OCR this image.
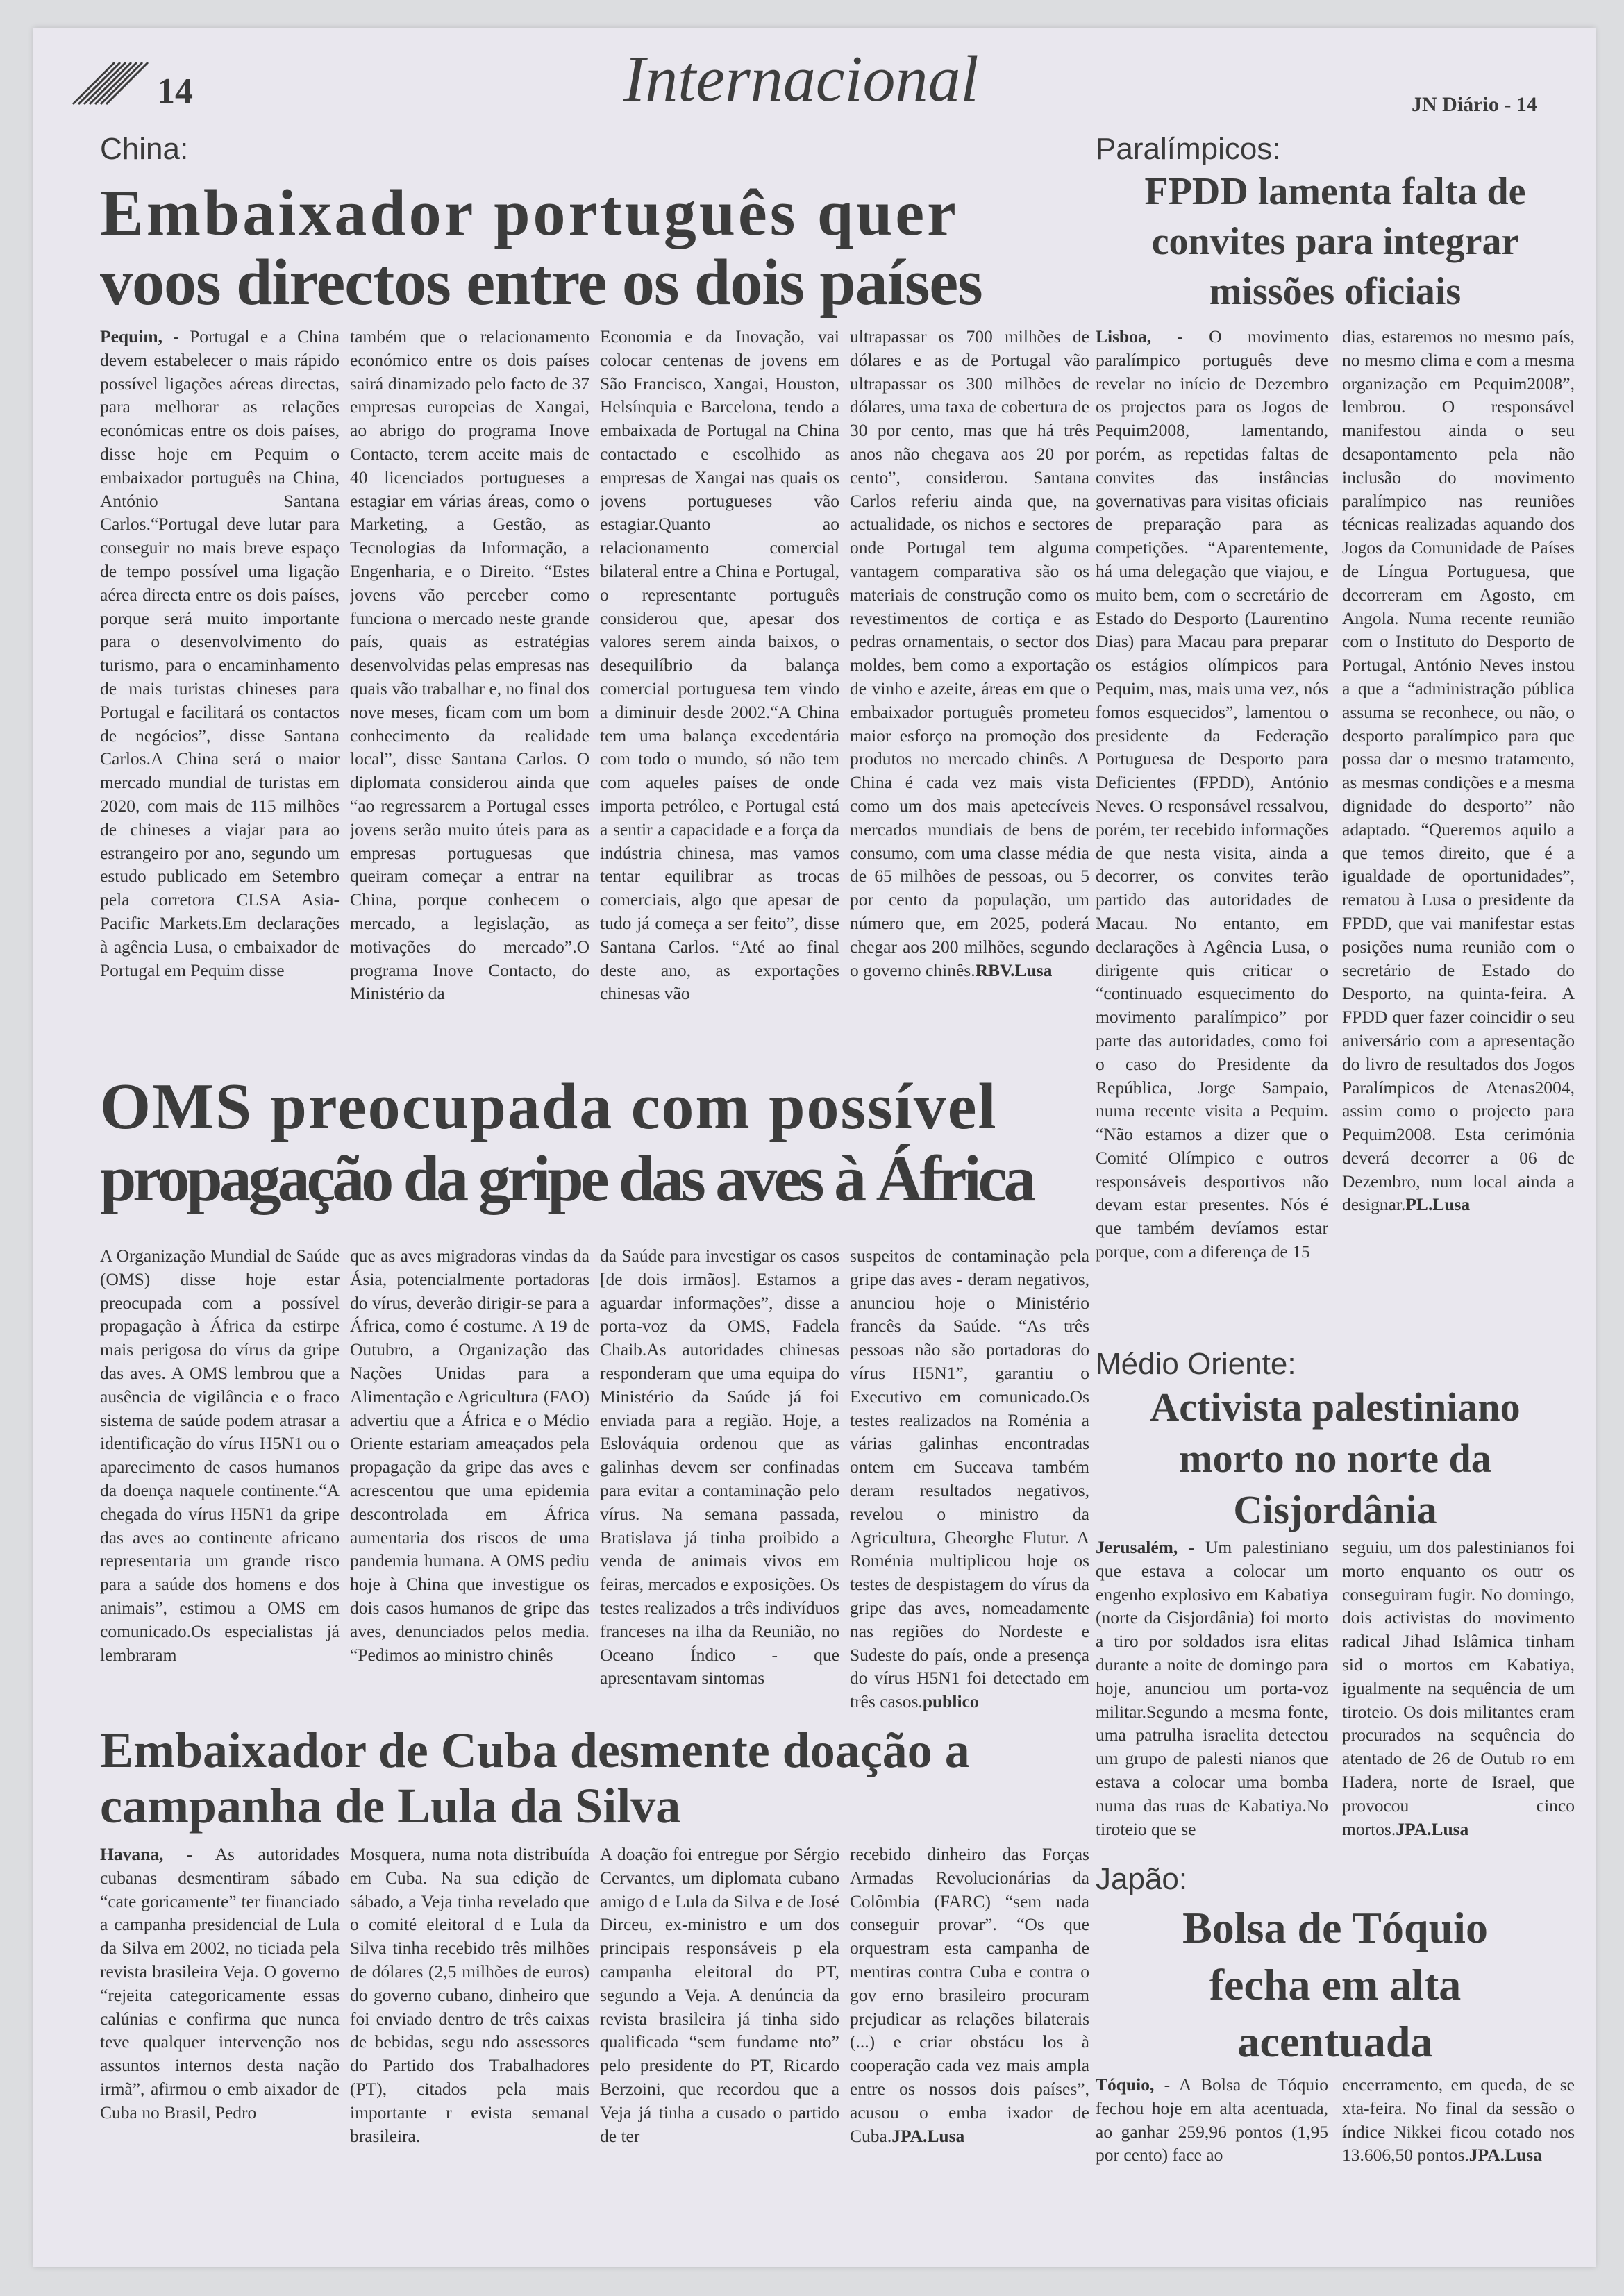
14	Internacional	JN Diário - 14
China:
Embaixador português quer
voos directos entre os dois países

Pequim, - Portugal e a China devem estabelecer o mais rápido possível ligações aéreas directas, para melhorar as relações económicas entre os dois países, disse hoje em Pequim o embaixador português na China, António Santana Carlos.“Portugal deve lutar para conseguir no mais breve espaço de tempo possível uma ligação aérea directa entre os dois países, porque será muito importante para o desenvolvimento do turismo, para o encaminhamento de mais turistas chineses para Portugal e facilitará os contactos de negócios”, disse Santana Carlos.A China será o maior mercado mundial de turistas em 2020, com mais de 115 milhões de chineses a viajar para ao estrangeiro por ano, segundo um estudo publicado em Setembro pela corretora CLSA Asia- Pacific Markets.Em declarações à agência Lusa, o embaixador de Portugal em Pequim disse

também que o relacionamento económico entre os dois países sairá dinamizado pelo facto de 37 empresas europeias de Xangai, ao abrigo do programa Inove Contacto, terem aceite mais de 40 licenciados portugueses a estagiar em várias áreas, como o Marketing, a Gestão, as Tecnologias da Informação, a Engenharia, e o Direito. “Estes jovens vão perceber como funciona o mercado neste grande país, quais as estratégias desenvolvidas pelas empresas nas quais vão trabalhar e, no final dos nove meses, ficam com um bom conhecimento da realidade local”, disse Santana Carlos. O diplomata considerou ainda que “ao regressarem a Portugal esses jovens serão muito úteis para as empresas portuguesas que queiram começar a entrar na China, porque conhecem o mercado, a legislação, as motivações do mercado”.O programa Inove Contacto, do Ministério da

Economia e da Inovação, vai colocar centenas de jovens em São Francisco, Xangai, Houston, Helsínquia e Barcelona, tendo a embaixada de Portugal na China contactado e escolhido as empresas de Xangai nas quais os jovens portugueses vão estagiar.Quanto ao relacionamento comercial bilateral entre a China e Portugal, o representante português considerou que, apesar dos valores serem ainda baixos, o desequilíbrio da balança comercial portuguesa tem vindo a diminuir desde 2002.“A China tem uma balança excedentária com todo o mundo, só não tem com aqueles países de onde importa petróleo, e Portugal está a sentir a capacidade e a força da indústria chinesa, mas vamos tentar equilibrar as trocas comerciais, algo que apesar de tudo já começa a ser feito”, disse Santana Carlos. “Até ao final deste ano, as exportações chinesas vão

ultrapassar os 700 milhões de dólares e as de Portugal vão ultrapassar os 300 milhões de dólares, uma taxa de cobertura de 30 por cento, mas que há três anos não chegava aos 20 por cento”, considerou. Santana Carlos referiu ainda que, na actualidade, os nichos e sectores onde Portugal tem alguma vantagem comparativa são os materiais de construção como os revestimentos de cortiça e as pedras ornamentais, o sector dos moldes, bem como a exportação de vinho e azeite, áreas em que o embaixador português prometeu maior esforço na promoção dos produtos no mercado chinês. A China é cada vez mais vista como um dos mais apetecíveis mercados mundiais de bens de consumo, com uma classe média de 65 milhões de pessoas, ou 5 por cento da população, um número que, em 2025, poderá chegar aos 200 milhões, segundo o governo chinês.RBV.Lusa

Paralímpicos:
FPDD lamenta falta de
convites para integrar
missões oficiais

Lisboa, - O movimento paralímpico português deve revelar no início de Dezembro os projectos para os Jogos de Pequim2008, lamentando, porém, as repetidas faltas de convites das instâncias governativas para visitas oficiais de preparação para as competições. “Aparentemente, há uma delegação que viajou, e muito bem, com o secretário de Estado do Desporto (Laurentino Dias) para Macau para preparar os estágios olímpicos para Pequim, mas, mais uma vez, nós fomos esquecidos”, lamentou o presidente da Federação Portuguesa de Desporto para Deficientes (FPDD), António Neves. O responsável ressalvou, porém, ter recebido informações de que nesta visita, ainda a decorrer, os convites terão partido das autoridades de Macau. No entanto, em declarações à Agência Lusa, o dirigente quis criticar o “continuado esquecimento do movimento paralímpico” por parte das autoridades, como foi o caso do Presidente da República, Jorge Sampaio, numa recente visita a Pequim. “Não estamos a dizer que o Comité Olímpico e outros responsáveis desportivos não devam estar presentes. Nós é que também devíamos estar porque, com a diferença de 15

dias, estaremos no mesmo país, no mesmo clima e com a mesma organização em Pequim2008”, lembrou. O responsável manifestou ainda o seu desapontamento pela não inclusão do movimento paralímpico nas reuniões técnicas realizadas aquando dos Jogos da Comunidade de Países de Língua Portuguesa, que decorreram em Agosto, em Angola. Numa recente reunião com o Instituto do Desporto de Portugal, António Neves instou a que a “administração pública assuma se reconhece, ou não, o desporto paralímpico para que possa dar o mesmo tratamento, as mesmas condições e a mesma dignidade do desporto” não adaptado. “Queremos aquilo a que temos direito, que é a igualdade de oportunidades”, rematou à Lusa o presidente da FPDD, que vai manifestar estas posições numa reunião com o secretário de Estado do Desporto, na quinta-feira. A FPDD quer fazer coincidir o seu aniversário com a apresentação do livro de resultados dos Jogos Paralímpicos de Atenas2004, assim como o projecto para Pequim2008. Esta cerimónia deverá decorrer a 06 de Dezembro, num local ainda a designar.PL.Lusa

OMS preocupada com possível
propagação da gripe das aves à África

A Organização Mundial de Saúde (OMS) disse hoje estar preocupada com a possível propagação à África da estirpe mais perigosa do vírus da gripe das aves. A OMS lembrou que a ausência de vigilância e o fraco sistema de saúde podem atrasar a identificação do vírus H5N1 ou o aparecimento de casos humanos da doença naquele continente.“A chegada do vírus H5N1 da gripe das aves ao continente africano representaria um grande risco para a saúde dos homens e dos animais”, estimou a OMS em comunicado.Os especialistas já lembraram

que as aves migradoras vindas da Ásia, potencialmente portadoras do vírus, deverão dirigir-se para a África, como é costume. A 19 de Outubro, a Organização das Nações Unidas para a Alimentação e Agricultura (FAO) advertiu que a África e o Médio Oriente estariam ameaçados pela propagação da gripe das aves e acrescentou que uma epidemia descontrolada em África aumentaria dos riscos de uma pandemia humana. A OMS pediu hoje à China que investigue os dois casos humanos de gripe das aves, denunciados pelos media. “Pedimos ao ministro chinês

da Saúde para investigar os casos [de dois irmãos]. Estamos a aguardar informações”, disse a porta-voz da OMS, Fadela Chaib.As autoridades chinesas responderam que uma equipa do Ministério da Saúde já foi enviada para a região. Hoje, a Eslováquia ordenou que as galinhas devem ser confinadas para evitar a contaminação pelo vírus. Na semana passada, Bratislava já tinha proibido a venda de animais vivos em feiras, mercados e exposições. Os testes realizados a três indivíduos franceses na ilha da Reunião, no Oceano Índico - que apresentavam sintomas

suspeitos de contaminação pela gripe das aves - deram negativos, anunciou hoje o Ministério francês da Saúde. “As três pessoas não são portadoras do vírus H5N1”, garantiu o Executivo em comunicado.Os testes realizados na Roménia a várias galinhas encontradas ontem em Suceava também deram resultados negativos, revelou o ministro da Agricultura, Gheorghe Flutur. A Roménia multiplicou hoje os testes de despistagem do vírus da gripe das aves, nomeadamente nas regiões do Nordeste e Sudeste do país, onde a presença do vírus H5N1 foi detectado em três casos.publico

Médio Oriente:
Activista palestiniano
morto no norte da
Cisjordânia

Jerusalém, - Um palestiniano que estava a colocar um engenho explosivo em Kabatiya (norte da Cisjordânia) foi morto a tiro por soldados isra elitas durante a noite de domingo para hoje, anunciou um porta-voz militar.Segundo a mesma fonte, uma patrulha israelita detectou um grupo de palesti nianos que estava a colocar uma bomba numa das ruas de Kabatiya.No tiroteio que se

seguiu, um dos palestinianos foi morto enquanto os outr os conseguiram fugir. No domingo, dois activistas do movimento radical Jihad Islâmica tinham sid o mortos em Kabatiya, igualmente na sequência de um tiroteio. Os dois militantes eram procurados na sequência do atentado de 26 de Outub ro em Hadera, norte de Israel, que provocou cinco mortos.JPA.Lusa

Embaixador de Cuba desmente doação a
campanha de Lula da Silva

Havana, - As autoridades cubanas desmentiram sábado “cate goricamente” ter financiado a campanha presidencial de Lula da Silva em 2002, no ticiada pela revista brasileira Veja. O governo “rejeita categoricamente essas calúnias e confirma que nunca teve qualquer intervenção nos assuntos internos desta nação irmã”, afirmou o emb aixador de Cuba no Brasil, Pedro

Mosquera, numa nota distribuída em Cuba. Na sua edição de sábado, a Veja tinha revelado que o comité eleitoral d e Lula da Silva tinha recebido três milhões de dólares (2,5 milhões de euros) do governo cubano, dinheiro que foi enviado dentro de três caixas de bebidas, segu ndo assessores do Partido dos Trabalhadores (PT), citados pela mais importante r evista semanal brasileira.

A doação foi entregue por Sérgio Cervantes, um diplomata cubano amigo d e Lula da Silva e de José Dirceu, ex-ministro e um dos principais responsáveis p ela campanha eleitoral do PT, segundo a Veja. A denúncia da revista brasileira já tinha sido qualificada “sem fundame nto” pelo presidente do PT, Ricardo Berzoini, que recordou que a Veja já tinha a cusado o partido de ter

recebido dinheiro das Forças Armadas Revolucionárias da Colômbia (FARC) “sem nada conseguir provar”. “Os que orquestram esta campanha de mentiras contra Cuba e contra o gov erno brasileiro procuram prejudicar as relações bilaterais (...) e criar obstácu los à cooperação cada vez mais ampla entre os nossos dois países”, acusou o emba ixador de Cuba.JPA.Lusa

Japão:
Bolsa de Tóquio
fecha em alta
acentuada

Tóquio, - A Bolsa de Tóquio fechou hoje em alta acentuada, ao ganhar 259,96 pontos (1,95 por cento) face ao

encerramento, em queda, de se xta-feira. No final da sessão o índice Nikkei ficou cotado nos 13.606,50 pontos.JPA.Lusa
